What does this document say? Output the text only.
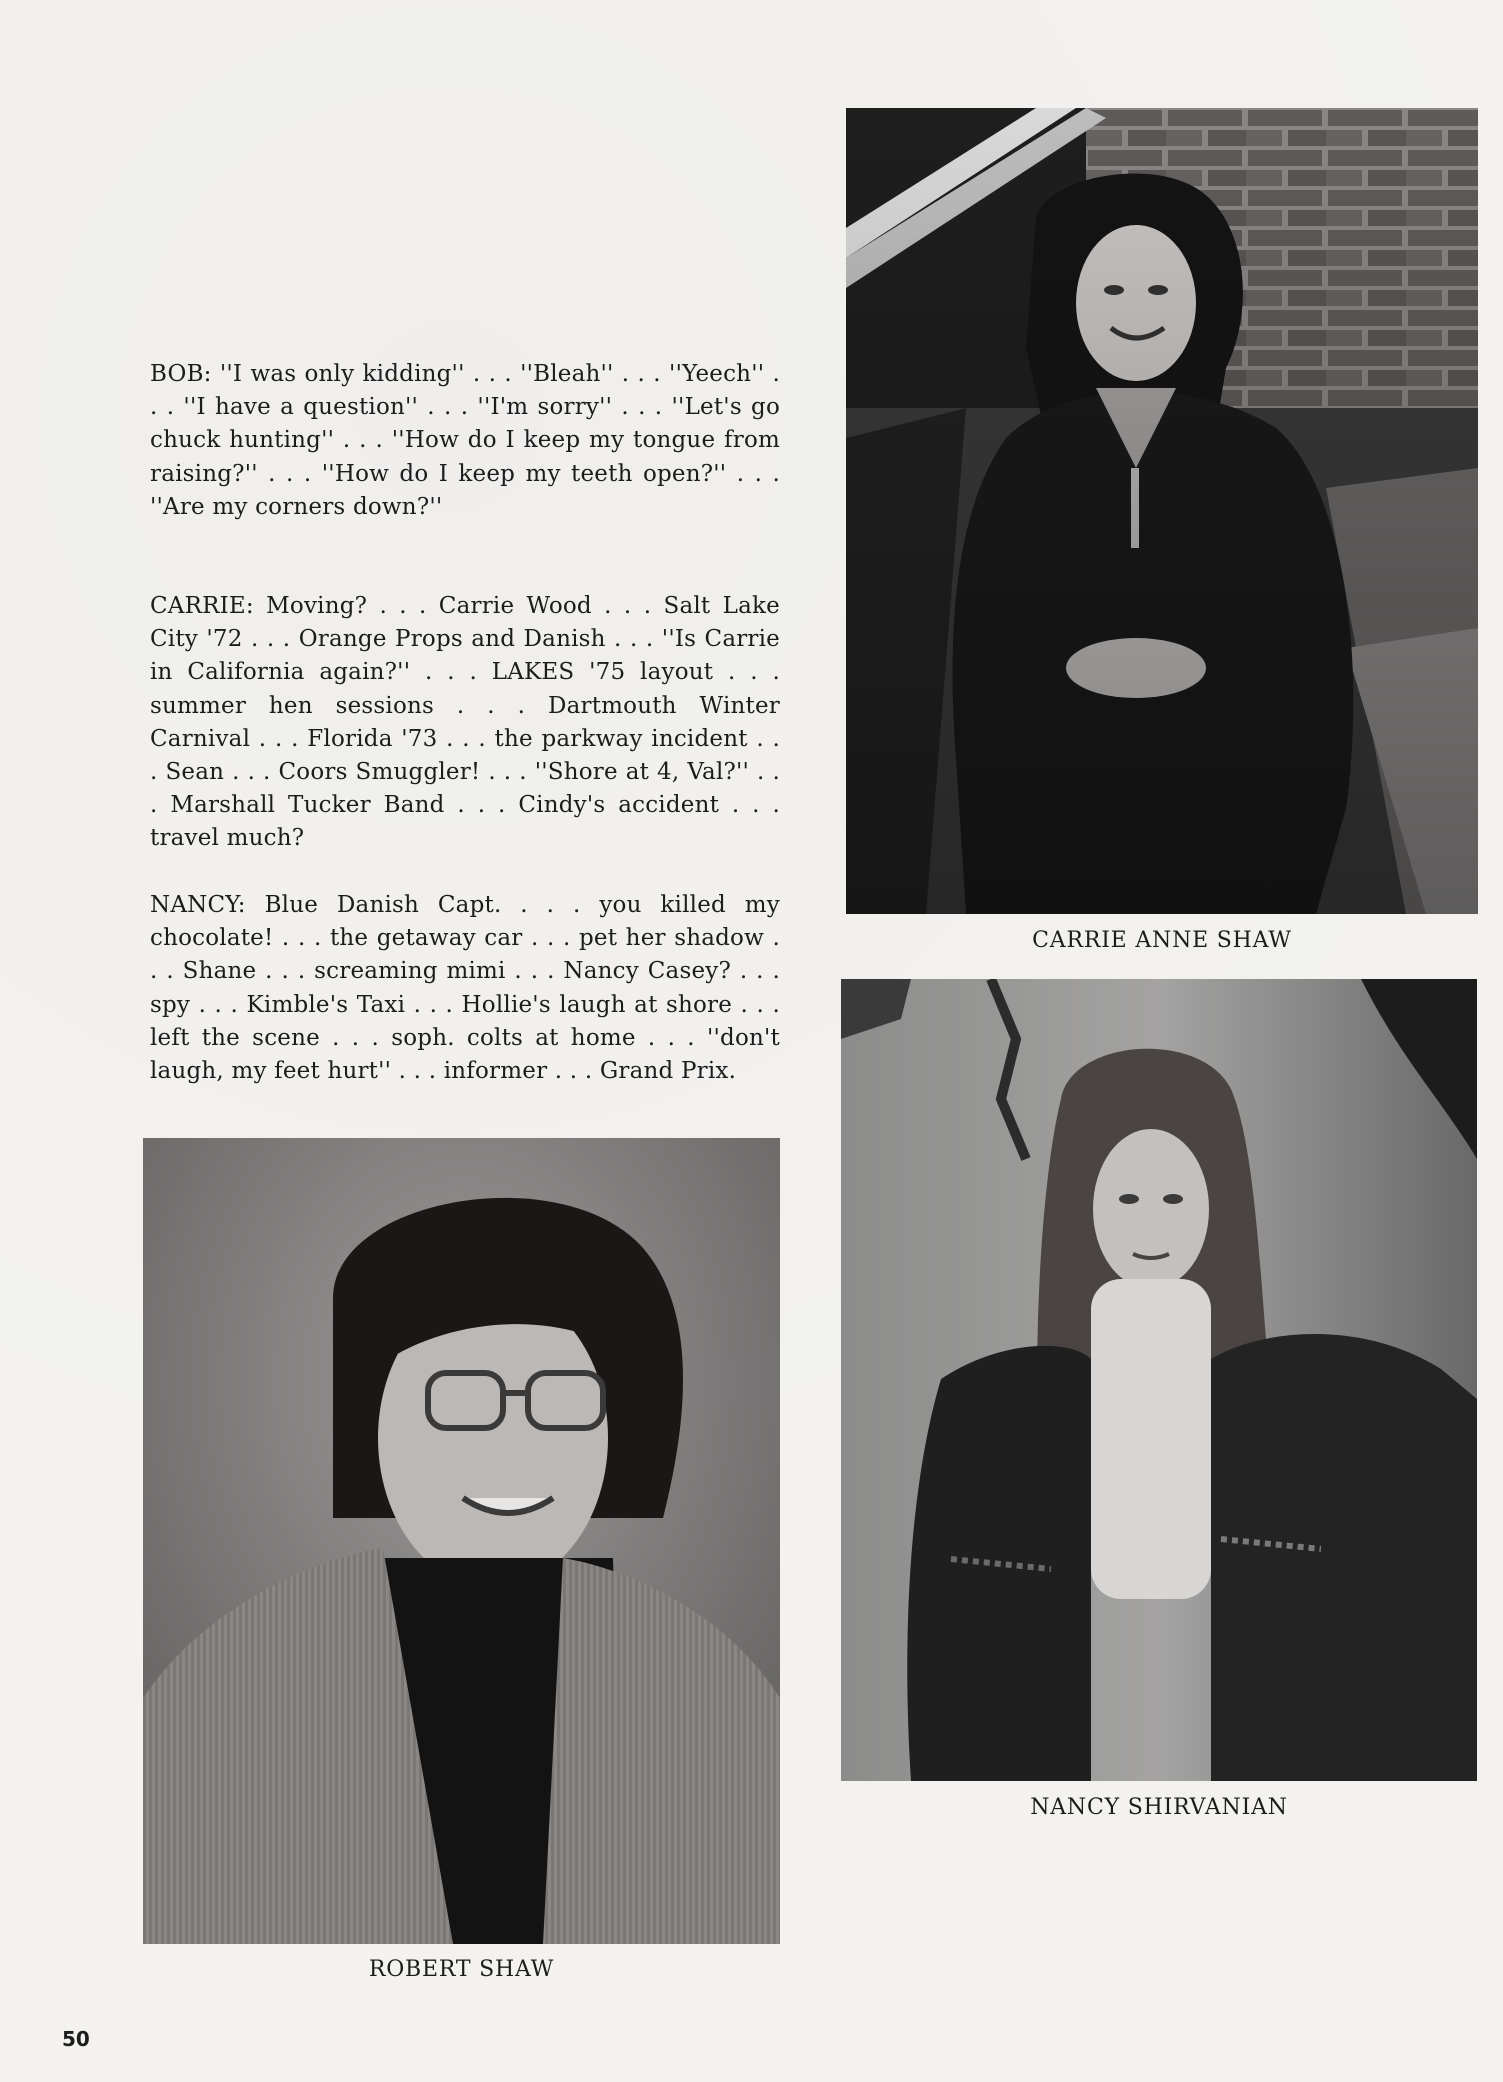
BOB: ''I was only kidding'' . . . ''Bleah'' . . . ''Yeech'' . . . ''I have a question'' . . . ''I'm sorry'' . . . ''Let's go chuck hunting'' . . . ''How do I keep my tongue from raising?'' . . . ''How do I keep my teeth open?'' . . . ''Are my corners down?''

CARRIE: Moving? . . . Carrie Wood . . . Salt Lake City '72 . . . Orange Props and Danish . . . ''Is Carrie in California again?'' . . . LAKES '75 layout . . . summer hen sessions . . . Dartmouth Winter Carnival . . . Florida '73 . . . the parkway incident . . . Sean . . . Coors Smuggler! . . . ''Shore at 4, Val?'' . . . Marshall Tucker Band . . . Cindy's accident . . . travel much?

NANCY: Blue Danish Capt. . . . you killed my chocolate! . . . the getaway car . . . pet her shadow . . . Shane . . . screaming mimi . . . Nancy Casey? . . . spy . . . Kimble's Taxi . . . Hollie's laugh at shore . . . left the scene . . . soph. colts at home . . . ''don't laugh, my feet hurt'' . . . informer . . . Grand Prix.

CARRIE ANNE SHAW
NANCY SHIRVANIAN
ROBERT SHAW
50
